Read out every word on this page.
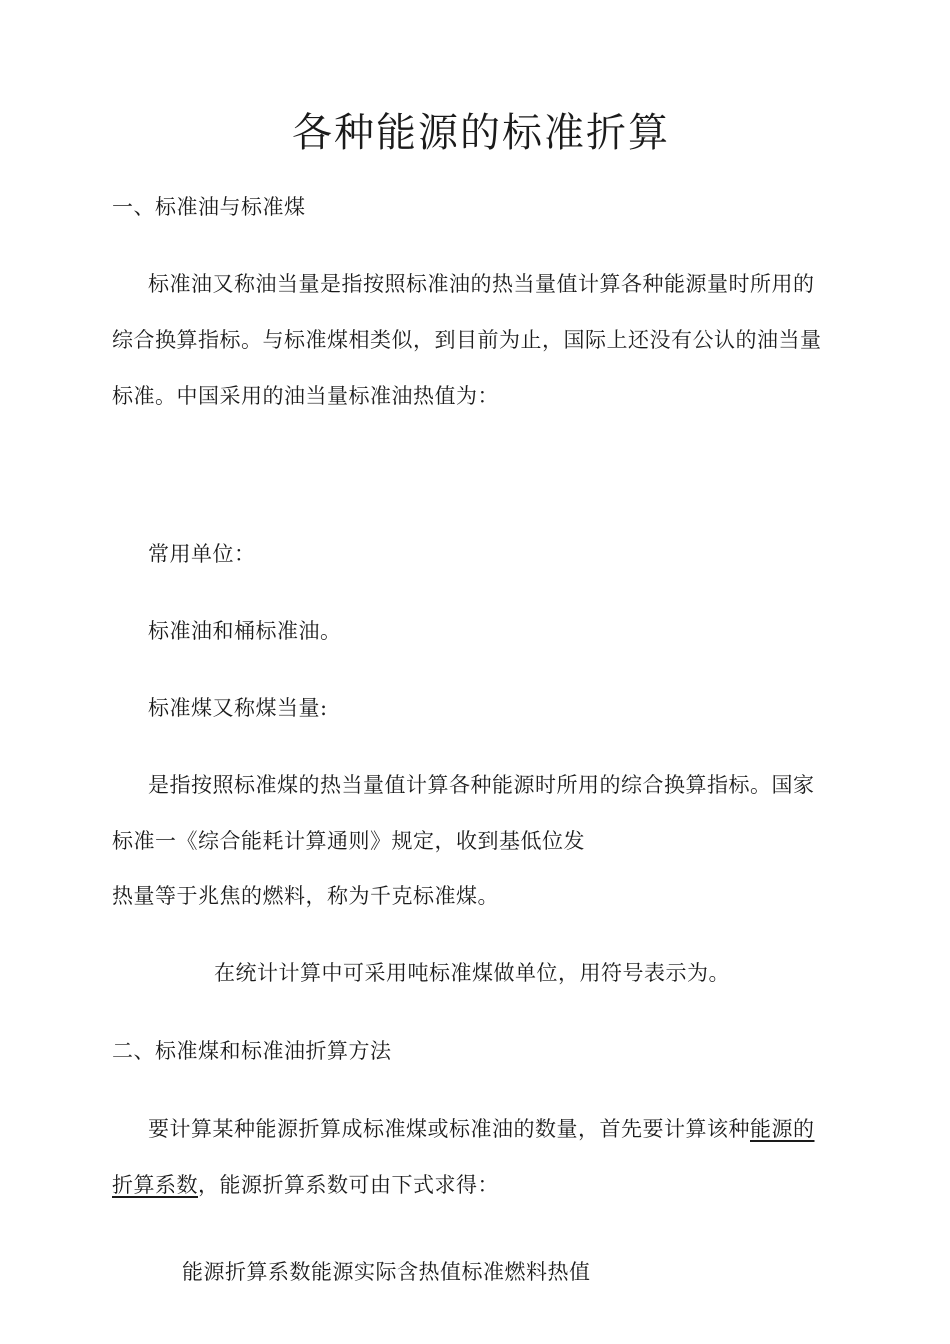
各种能源的标准折算
一、标准油与标准煤
标准油又称油当量是指按照标准油的热当量值计算各种能源量时所用的
综合换算指标。与标准煤相类似，到目前为止，国际上还没有公认的油当量
标准。中国采用的油当量标准油热值为：
常用单位：
标准油和桶标准油。
标准煤又称煤当量:
是指按照标准煤的热当量值计算各种能源时所用的综合换算指标。国家
标准一《综合能耗计算通则》规定，收到基低位发
热量等于兆焦的燃料，称为千克标准煤。
在统计计算中可采用吨标准煤做单位，用符号表示为。
二、标准煤和标准油折算方法
要计算某种能源折算成标准煤或标准油的数量，首先要计算该种能源的
折算系数，能源折算系数可由下式求得：
能源折算系数能源实际含热值标准燃料热值
